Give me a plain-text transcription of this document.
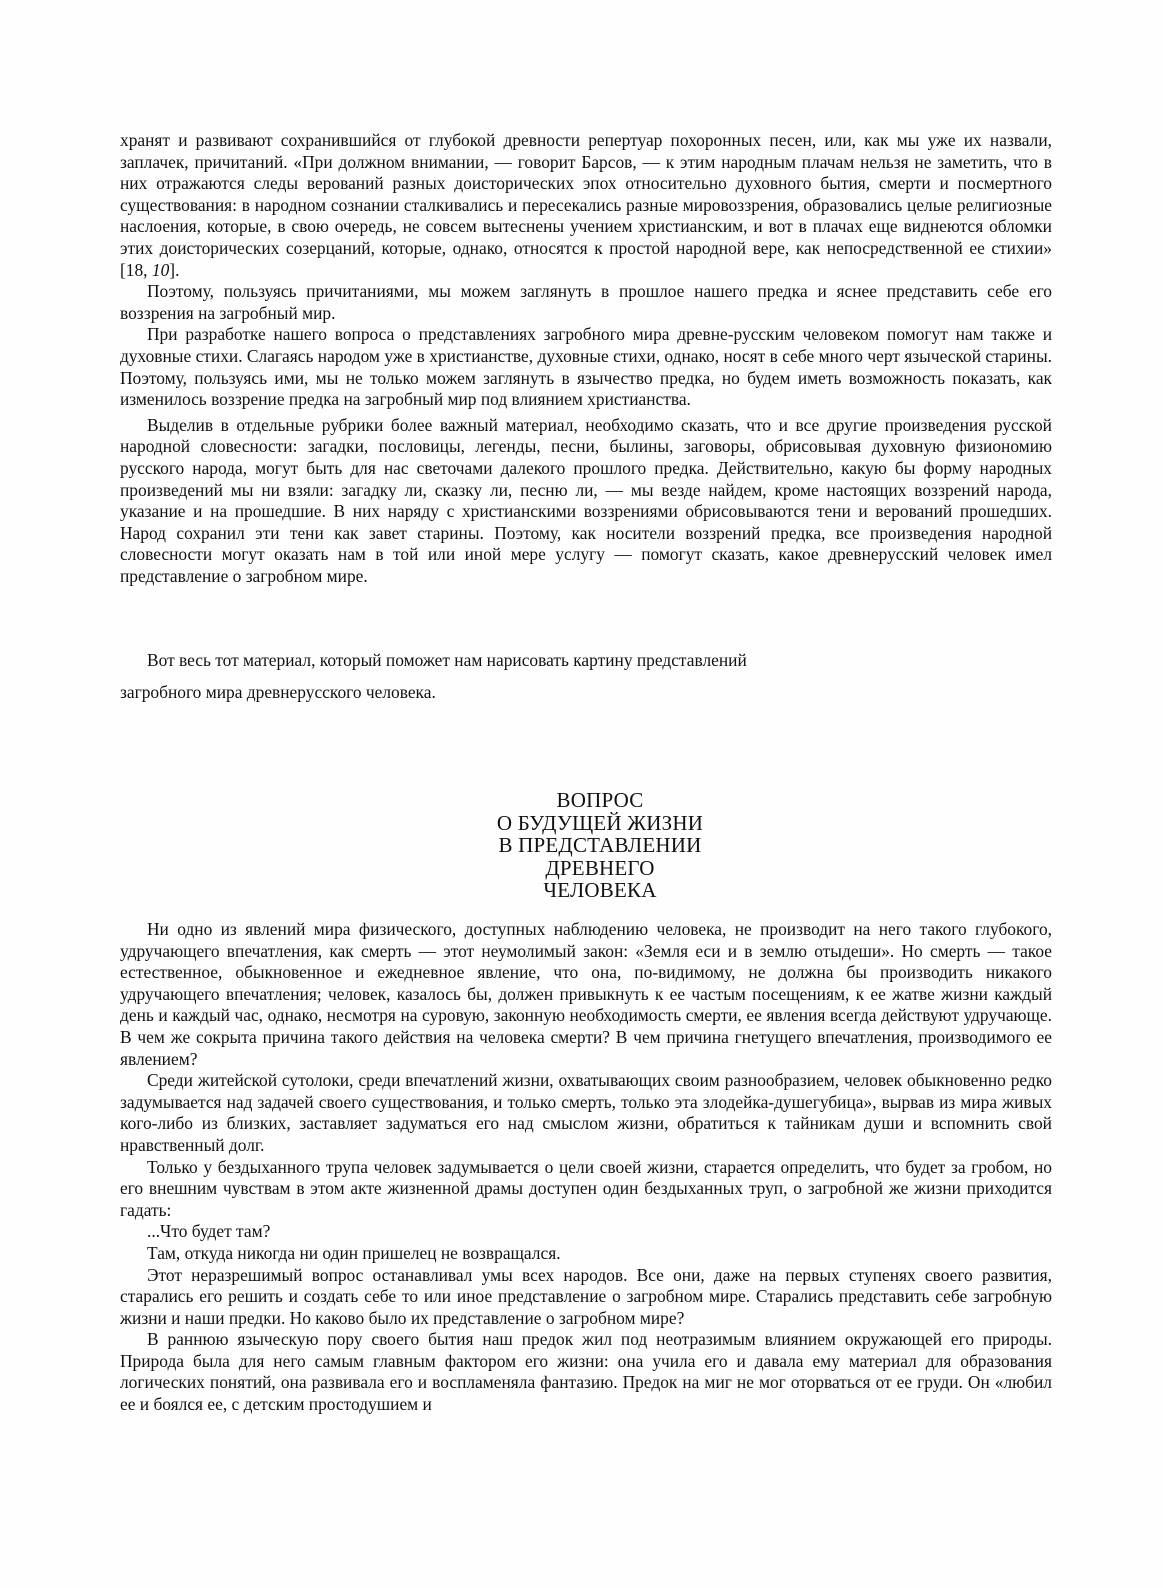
хранят и развивают сохранившийся от глубокой древности репертуар похоронных песен, или, как мы уже их назвали, заплачек, причитаний. «При должном внимании, — говорит Барсов, — к этим народным плачам нельзя не заметить, что в них отражаются следы верований разных доисторических эпох относительно духовного бытия, смерти и посмертного существования: в народном сознании сталкивались и пересекались разные мировоззрения, образовались целые религиозные наслоения, которые, в свою очередь, не совсем вытеснены учением христианским, и вот в плачах еще виднеются обломки этих доисторических созерцаний, которые, однако, относятся к простой народной вере, как непосредственной ее стихии» [18, 10].

Поэтому, пользуясь причитаниями, мы можем заглянуть в прошлое нашего предка и яснее представить себе его воззрения на загробный мир.

При разработке нашего вопроса о представлениях загробного мира древне-русским человеком помогут нам также и духовные стихи. Слагаясь народом уже в христианстве, духовные стихи, однако, носят в себе много черт языческой старины. Поэтому, пользуясь ими, мы не только можем заглянуть в язычество предка, но будем иметь возможность показать, как изменилось воззрение предка на загробный мир под влиянием христианства.

Выделив в отдельные рубрики более важный материал, необходимо сказать, что и все другие произведения русской народной словесности: загадки, пословицы, легенды, песни, былины, заговоры, обрисовывая духовную физиономию русского народа, могут быть для нас светочами далекого прошлого предка. Действительно, какую бы форму народных произведений мы ни взяли: загадку ли, сказку ли, песню ли, — мы везде найдем, кроме настоящих воззрений народа, указание и на прошедшие. В них наряду с христианскими воззрениями обрисовываются тени и верований прошедших. Народ сохранил эти тени как завет старины. Поэтому, как носители воззрений предка, все произведения народной словесности могут оказать нам в той или иной мере услугу — помогут сказать, какое древнерусский человек имел представление о загробном мире.

Вот весь тот материал, который поможет нам нарисовать картину представлений

загробного мира древнерусского человека.

ВОПРОС
О БУДУЩЕЙ ЖИЗНИ
В ПРЕДСТАВЛЕНИИ
ДРЕВНЕГО
ЧЕЛОВЕКА

Ни одно из явлений мира физического, доступных наблюдению человека, не производит на него такого глубокого, удручающего впечатления, как смерть — этот неумолимый закон: «Земля еси и в землю отыдеши». Но смерть — такое естественное, обыкновенное и ежедневное явление, что она, по-видимому, не должна бы производить никакого удручающего впечатления; человек, казалось бы, должен привыкнуть к ее частым посещениям, к ее жатве жизни каждый день и каждый час, однако, несмотря на суровую, законную необходимость смерти, ее явления всегда действуют удручающе. В чем же сокрыта причина такого действия на человека смерти? В чем причина гнетущего впечатления, производимого ее явлением?

Среди житейской сутолоки, среди впечатлений жизни, охватывающих своим разнообразием, человек обыкновенно редко задумывается над задачей своего существования, и только смерть, только эта злодейка-душегубица», вырвав из мира живых кого-либо из близких, заставляет задуматься его над смыслом жизни, обратиться к тайникам души и вспомнить свой нравственный долг.

Только у бездыханного трупа человек задумывается о цели своей жизни, старается определить, что будет за гробом, но его внешним чувствам в этом акте жизненной драмы доступен один бездыханных труп, о загробной же жизни приходится гадать:

...Что будет там?

Там, откуда никогда ни один пришелец не возвращался.

Этот неразрешимый вопрос останавливал умы всех народов. Все они, даже на первых ступенях своего развития, старались его решить и создать себе то или иное представление о загробном мире. Старались представить себе загробную жизни и наши предки. Но каково было их представление о загробном мире?

В раннюю языческую пору своего бытия наш предок жил под неотразимым влиянием окружающей его природы. Природа была для него самым главным фактором его жизни: она учила его и давала ему материал для образования логических понятий, она развивала его и воспламеняла фантазию. Предок на миг не мог оторваться от ее груди. Он «любил ее и боялся ее, с детским простодушием и
